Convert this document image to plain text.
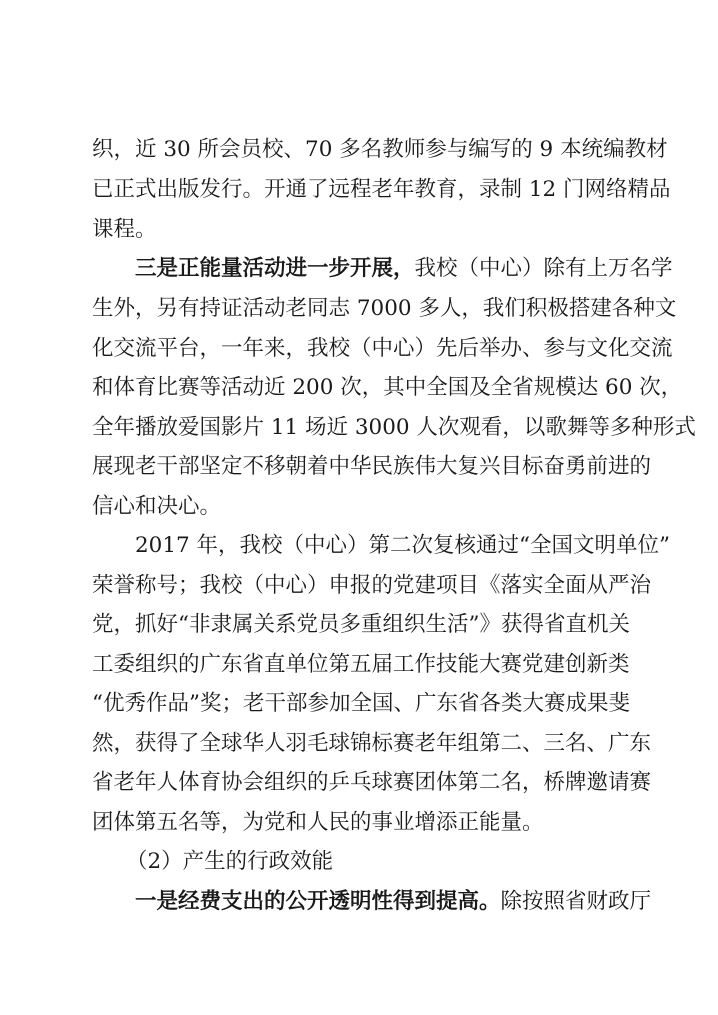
织，近 30 所会员校、70 多名教师参与编写的 9 本统编教材
已正式出版发行。开通了远程老年教育，录制 12 门网络精品
课程。
三是正能量活动进一步开展，我校（中心）除有上万名学
生外，另有持证活动老同志 7000 多人，我们积极搭建各种文
化交流平台，一年来，我校（中心）先后举办、参与文化交流
和体育比赛等活动近 200 次，其中全国及全省规模达 60 次，
全年播放爱国影片 11 场近 3000 人次观看，以歌舞等多种形式
展现老干部坚定不移朝着中华民族伟大复兴目标奋勇前进的
信心和决心。
2017 年，我校（中心）第二次复核通过“全国文明单位”
荣誉称号；我校（中心）申报的党建项目《落实全面从严治
党，抓好“非隶属关系党员多重组织生活”》获得省直机关
工委组织的广东省直单位第五届工作技能大赛党建创新类
“优秀作品”奖；老干部参加全国、广东省各类大赛成果斐
然，获得了全球华人羽毛球锦标赛老年组第二、三名、广东
省老年人体育协会组织的乒乓球赛团体第二名，桥牌邀请赛
团体第五名等，为党和人民的事业增添正能量。
（2）产生的行政效能
一是经费支出的公开透明性得到提高。除按照省财政厅
